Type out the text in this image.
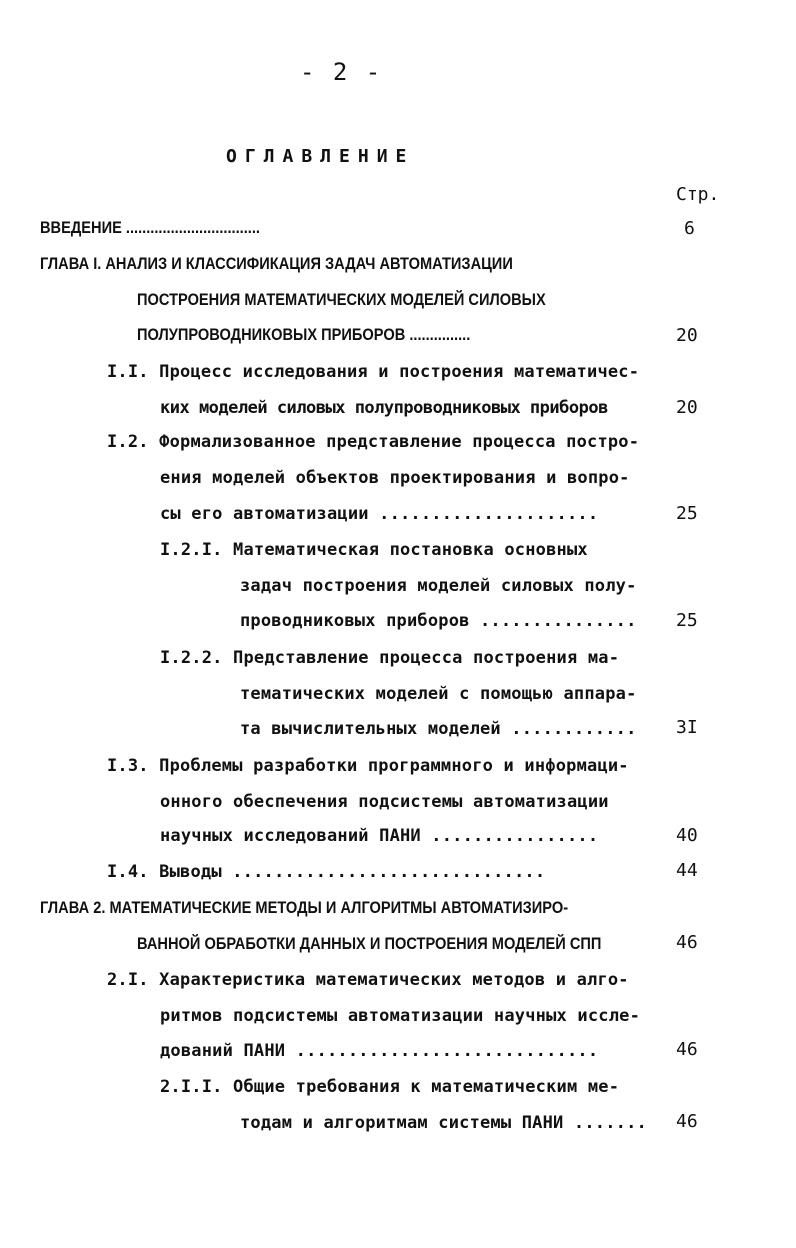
- 2 -
ОГЛАВЛЕНИЕ
Стр.
ВВЕДЕНИЕ .................................	6
ГЛАВА I. АНАЛИЗ И КЛАССИФИКАЦИЯ ЗАДАЧ АВТОМАТИЗАЦИИ
ПОСТРОЕНИЯ МАТЕМАТИЧЕСКИХ МОДЕЛЕЙ СИЛОВЫХ
ПОЛУПРОВОДНИКОВЫХ ПРИБОРОВ ...............	20
I.I. Процесс исследования и построения математичес-
ких моделей силовых полупроводниковых приборов	20
I.2. Формализованное представление процесса постро-
ения моделей объектов проектирования и вопро-
сы его автоматизации .....................	25
I.2.I. Математическая постановка основных
задач построения моделей силовых полу-
проводниковых приборов ............... 25
I.2.2. Представление процесса построения ма-
тематических моделей с помощью аппара-
та вычислительных моделей ............ 3I
I.3. Проблемы разработки программного и информаци-
онного обеспечения подсистемы автоматизации
научных исследований ПАНИ ................	40
I.4. Выводы ..............................	44
ГЛАВА 2. МАТЕМАТИЧЕСКИЕ МЕТОДЫ И АЛГОРИТМЫ АВТОМАТИЗИРО-
ВАННОЙ ОБРАБОТКИ ДАННЫХ И ПОСТРОЕНИЯ МОДЕЛЕЙ СПП	46
2.I. Характеристика математических методов и алго-
ритмов подсистемы автоматизации научных иссле-
дований ПАНИ .............................	46
2.I.I. Общие требования к математическим ме-
тодам и алгоритмам системы ПАНИ ....... 46
